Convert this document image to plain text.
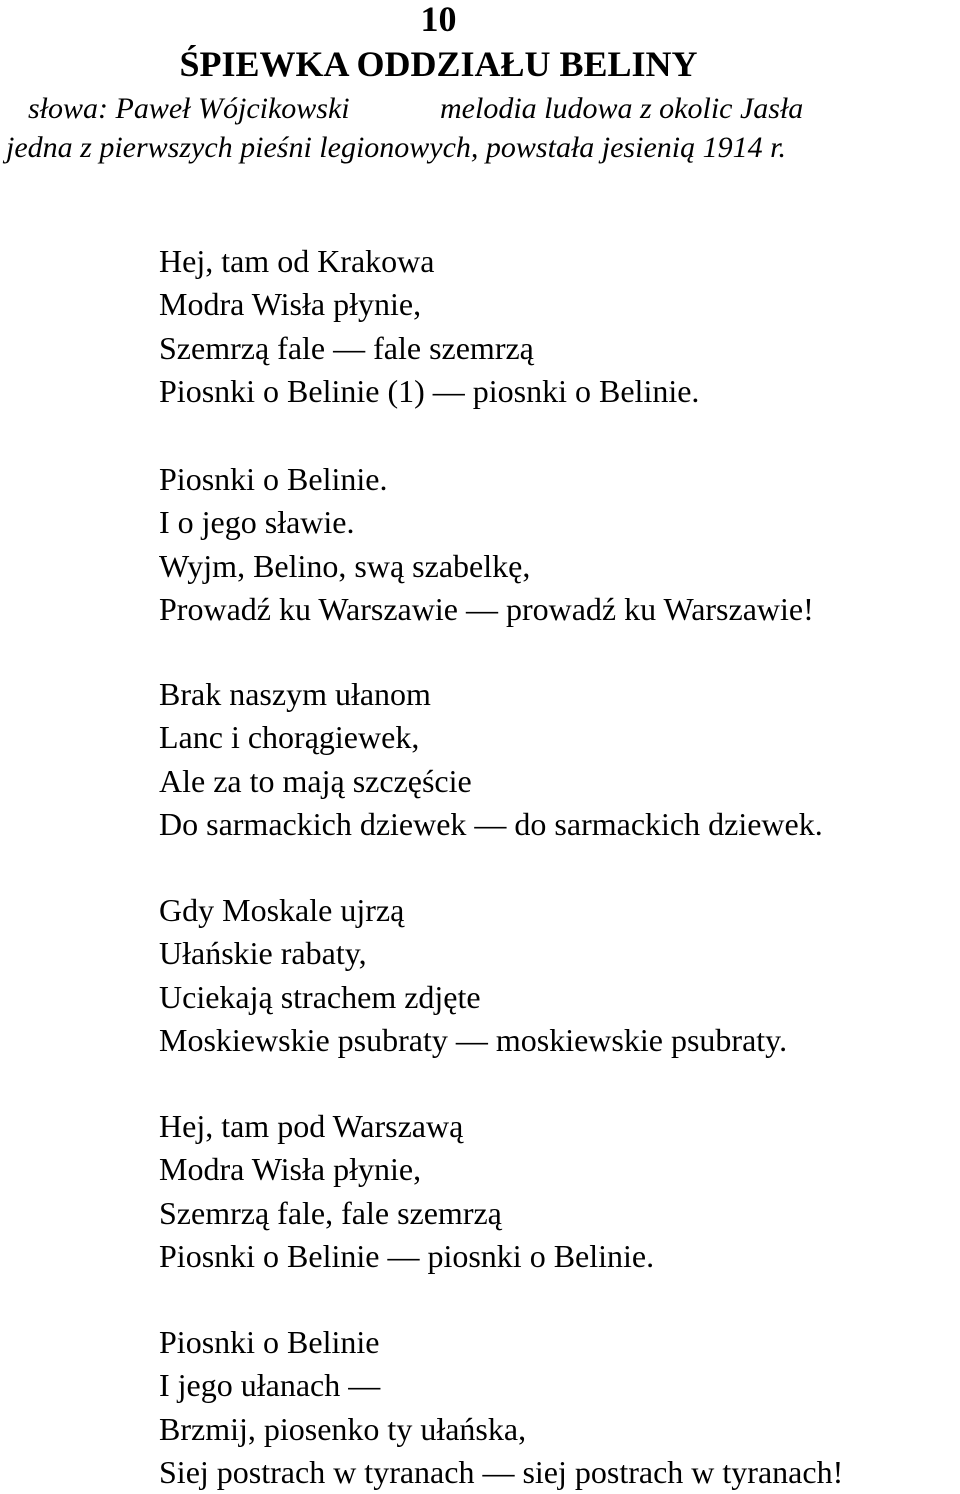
10
ŚPIEWKA ODDZIAŁU BELINY
słowa: Paweł Wójcikowski	melodia ludowa z okolic Jasła
jedna z pierwszych pieśni legionowych, powstała jesienią 1914 r.
Hej, tam od Krakowa
Modra Wisła płynie,
Szemrzą fale — fale szemrzą
Piosnki o Belinie (1) — piosnki o Belinie.
Piosnki o Belinie.
I o jego sławie.
Wyjm, Belino, swą szabelkę,
Prowadź ku Warszawie — prowadź ku Warszawie!
Brak naszym ułanom
Lanc i chorągiewek,
Ale za to mają szczęście
Do sarmackich dziewek — do sarmackich dziewek.
Gdy Moskale ujrzą
Ułańskie rabaty,
Uciekają strachem zdjęte
Moskiewskie psubraty — moskiewskie psubraty.
Hej, tam pod Warszawą
Modra Wisła płynie,
Szemrzą fale, fale szemrzą
Piosnki o Belinie — piosnki o Belinie.
Piosnki o Belinie
I jego ułanach —
Brzmij, piosenko ty ułańska,
Siej postrach w tyranach — siej postrach w tyranach!
